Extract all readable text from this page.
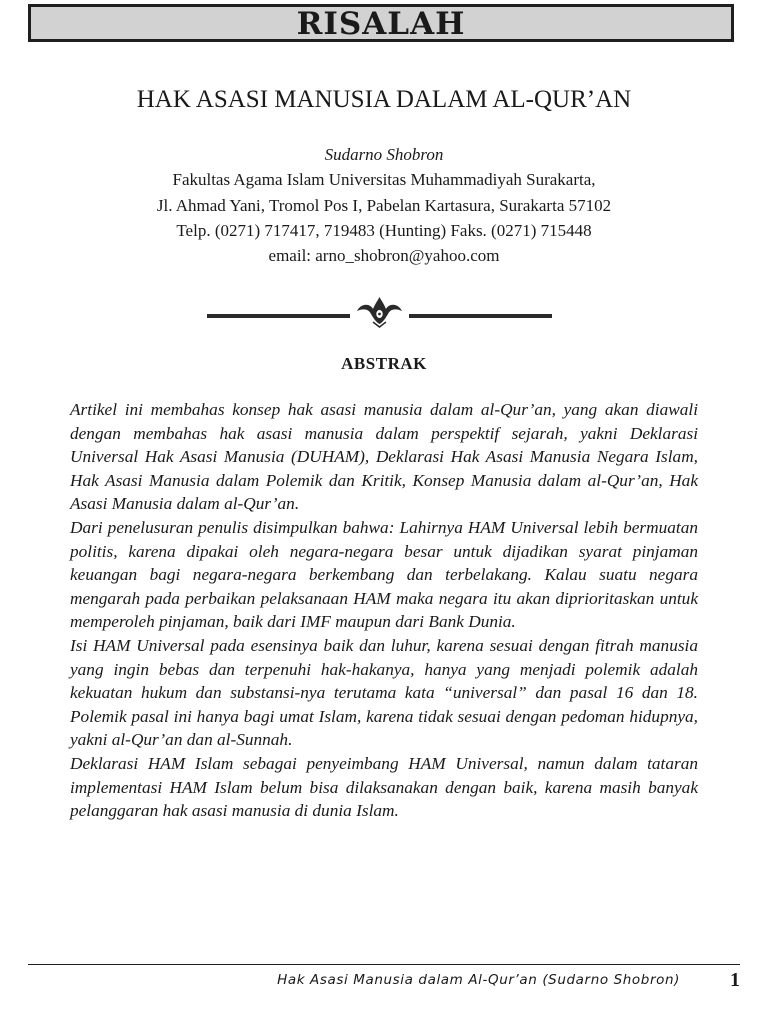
RISALAH
HAK ASASI MANUSIA DALAM AL-QUR’AN
Sudarno Shobron
Fakultas Agama Islam Universitas Muhammadiyah Surakarta,
Jl. Ahmad Yani, Tromol Pos I, Pabelan Kartasura, Surakarta 57102
Telp. (0271) 717417, 719483 (Hunting) Faks. (0271) 715448
email: arno_shobron@yahoo.com
ABSTRAK

Artikel ini membahas konsep hak asasi manusia dalam al-Qur’an, yang akan diawali dengan membahas hak asasi manusia dalam perspektif sejarah, yakni Deklarasi Universal Hak Asasi Manusia (DUHAM), Deklarasi Hak Asasi Manusia Negara Islam, Hak Asasi Manusia dalam Polemik dan Kritik, Konsep Manusia dalam al-Qur’an, Hak Asasi Manusia dalam al-Qur’an.

Dari penelusuran penulis disimpulkan bahwa: Lahirnya HAM Universal lebih bermuatan politis, karena dipakai oleh negara-negara besar untuk dijadikan syarat pinjaman keuangan bagi negara-negara berkembang dan terbelakang. Kalau suatu negara mengarah pada perbaikan pelaksanaan HAM maka negara itu akan diprioritaskan untuk memperoleh pinjaman, baik dari IMF maupun dari Bank Dunia.

Isi HAM Universal pada esensinya baik dan luhur, karena sesuai dengan fitrah manusia yang ingin bebas dan terpenuhi hak-hakanya, hanya yang menjadi polemik adalah kekuatan hukum dan substansi-nya terutama kata “universal” dan pasal 16 dan 18. Polemik pasal ini hanya bagi umat Islam, karena tidak sesuai dengan pedoman hidupnya, yakni al-Qur’an dan al-Sunnah.

Deklarasi HAM Islam sebagai penyeimbang HAM Universal, namun dalam tataran implementasi HAM Islam belum bisa dilaksanakan dengan baik, karena masih banyak pelanggaran hak asasi manusia di dunia Islam.

Hak Asasi Manusia dalam Al-Qur’an (Sudarno Shobron)	1
